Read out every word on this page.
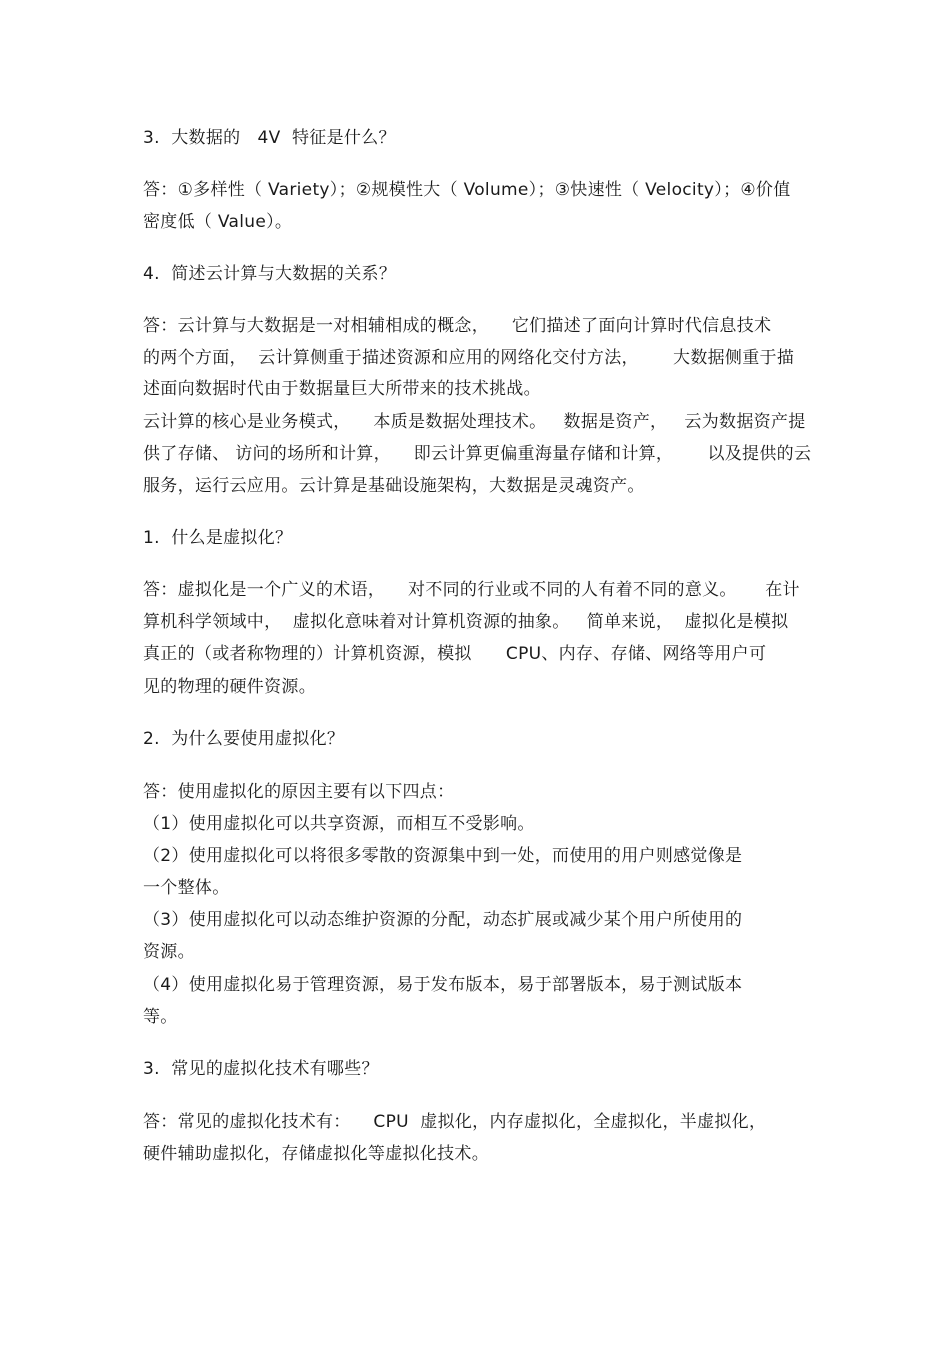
3.  大数据的   4V  特征是什么？
答：①多样性（ Variety）；②规模性大（ Volume）；③快速性（ Velocity）；④价值
密度低（ Value）。
4.  简述云计算与大数据的关系？
答：云计算与大数据是一对相辅相成的概念，    它们描述了面向计算时代信息技术
的两个方面，  云计算侧重于描述资源和应用的网络化交付方法，      大数据侧重于描
述面向数据时代由于数据量巨大所带来的技术挑战。
云计算的核心是业务模式，    本质是数据处理技术。   数据是资产，   云为数据资产提
供了存储、 访问的场所和计算，    即云计算更偏重海量存储和计算，      以及提供的云
服务，运行云应用。云计算是基础设施架构，大数据是灵魂资产。
1.  什么是虚拟化？
答：虚拟化是一个广义的术语，    对不同的行业或不同的人有着不同的意义。     在计
算机科学领域中，  虚拟化意味着对计算机资源的抽象。   简单来说，  虚拟化是模拟
真正的（或者称物理的）计算机资源，模拟      CPU、内存、存储、网络等用户可
见的物理的硬件资源。
2.  为什么要使用虚拟化？
答：使用虚拟化的原因主要有以下四点：
（1）使用虚拟化可以共享资源，而相互不受影响。
（2）使用虚拟化可以将很多零散的资源集中到一处，而使用的用户则感觉像是
一个整体。
（3）使用虚拟化可以动态维护资源的分配，动态扩展或减少某个用户所使用的
资源。
（4）使用虚拟化易于管理资源，易于发布版本，易于部署版本，易于测试版本
等。
3.  常见的虚拟化技术有哪些？
答：常见的虚拟化技术有：    CPU  虚拟化，内存虚拟化，全虚拟化，半虚拟化，
硬件辅助虚拟化，存储虚拟化等虚拟化技术。
